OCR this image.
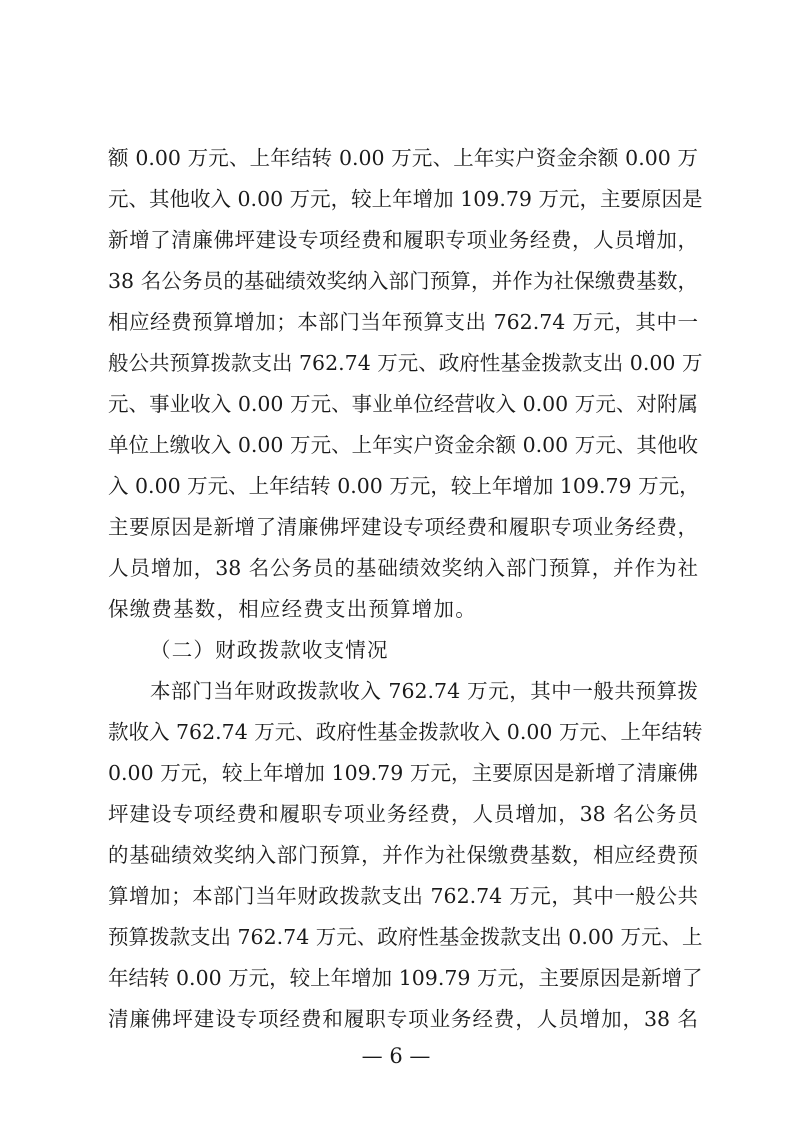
额 0.00 万元、上年结转 0.00 万元、上年实户资金余额 0.00 万
元、其他收入 0.00 万元，较上年增加 109.79 万元，主要原因是
新增了清廉佛坪建设专项经费和履职专项业务经费，人员增加，
38 名公务员的基础绩效奖纳入部门预算，并作为社保缴费基数，
相应经费预算增加；本部门当年预算支出 762.74 万元，其中一
般公共预算拨款支出 762.74 万元、政府性基金拨款支出 0.00 万
元、事业收入 0.00 万元、事业单位经营收入 0.00 万元、对附属
单位上缴收入 0.00 万元、上年实户资金余额 0.00 万元、其他收
入 0.00 万元、上年结转 0.00 万元，较上年增加 109.79 万元，
主要原因是新增了清廉佛坪建设专项经费和履职专项业务经费，
人员增加，38 名公务员的基础绩效奖纳入部门预算，并作为社
保缴费基数，相应经费支出预算增加。
（二）财政拨款收支情况
本部门当年财政拨款收入 762.74 万元，其中一般共预算拨
款收入 762.74 万元、政府性基金拨款收入 0.00 万元、上年结转
0.00 万元，较上年增加 109.79 万元，主要原因是新增了清廉佛
坪建设专项经费和履职专项业务经费，人员增加，38 名公务员
的基础绩效奖纳入部门预算，并作为社保缴费基数，相应经费预
算增加；本部门当年财政拨款支出 762.74 万元，其中一般公共
预算拨款支出 762.74 万元、政府性基金拨款支出 0.00 万元、上
年结转 0.00 万元，较上年增加 109.79 万元，主要原因是新增了
清廉佛坪建设专项经费和履职专项业务经费，人员增加，38 名
— 6 —
